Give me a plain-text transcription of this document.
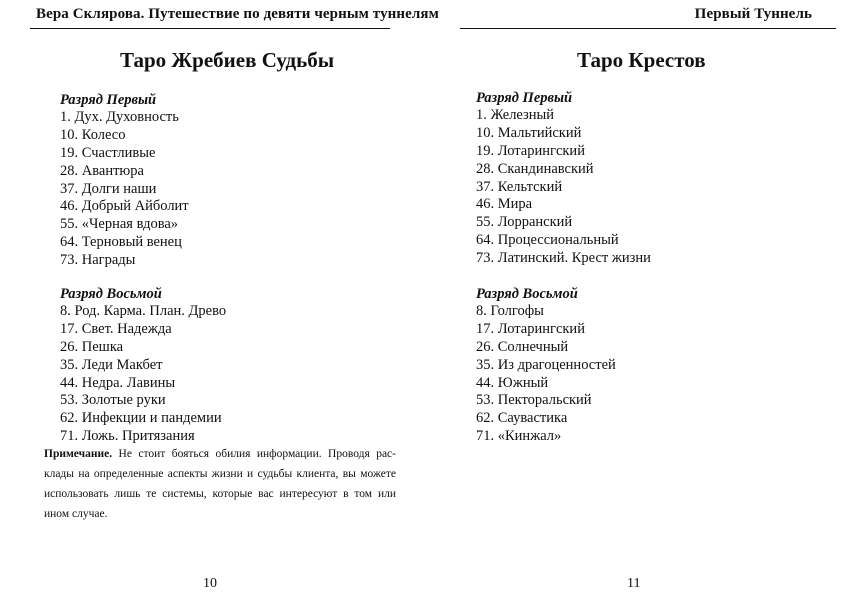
Вера Склярова. Путешествие по девяти черным туннелям
Таро Жребиев Судьбы
Разряд Первый
1. Дух. Духовность
10. Колесо
19. Счастливые
28. Авантюра
37. Долги наши
46. Добрый Айболит
55. «Черная вдова»
64. Терновый венец
73. Награды
Разряд Восьмой
8. Род. Карма. План. Древо
17. Свет. Надежда
26. Пешка
35. Леди Макбет
44. Недра. Лавины
53. Золотые руки
62. Инфекции и пандемии
71. Ложь. Притязания
Примечание. Не стоит бояться обилия информации. Проводя расклады на определенные аспекты жизни и судьбы клиента, вы можете использовать лишь те системы, которые вас интересуют в том или ином случае.
10
Первый Туннель
Таро Крестов
Разряд Первый
1. Железный
10. Мальтийский
19. Лотарингский
28. Скандинавский
37. Кельтский
46. Мира
55. Лорранский
64. Процессиональный
73. Латинский. Крест жизни
Разряд Восьмой
8. Голгофы
17. Лотарингский
26. Солнечный
35. Из драгоценностей
44. Южный
53. Пекторальский
62. Саувастика
71. «Кинжал»
11
